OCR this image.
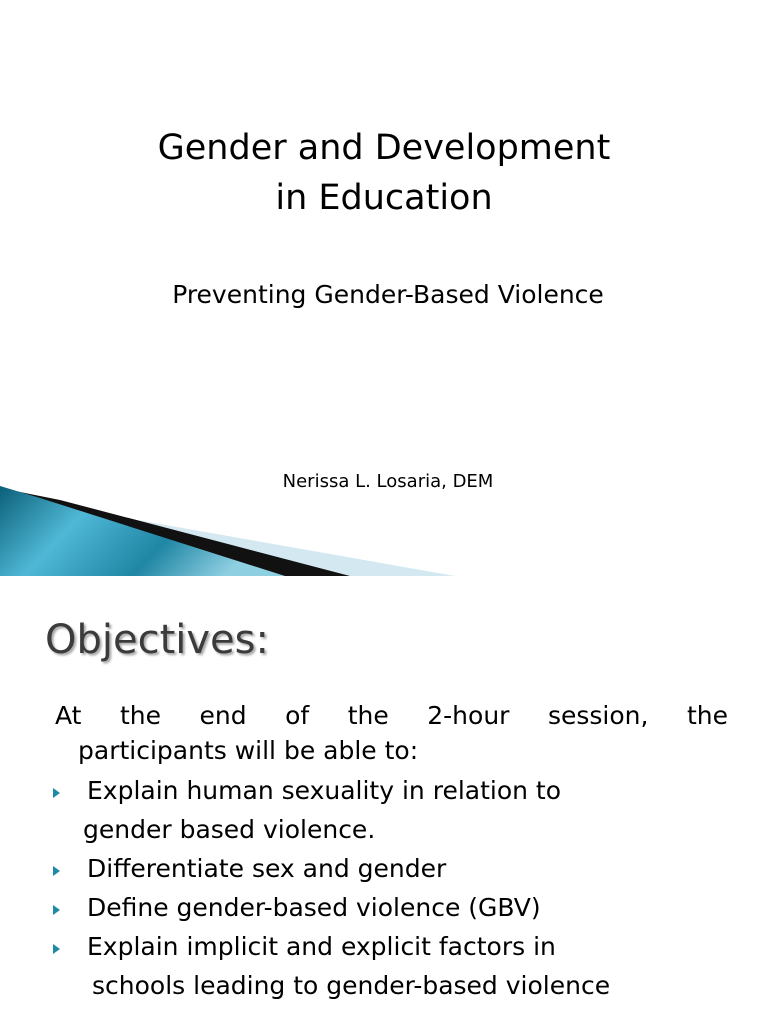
Gender and Development
in Education
Preventing Gender-Based Violence
Nerissa L. Losaria, DEM
Objectives:
At the end of the 2-hour session, the
participants will be able to:
Explain human sexuality in relation to
gender based violence.
Differentiate sex and gender
Define gender-based violence (GBV)
Explain implicit and explicit factors in
schools leading to gender-based violence
